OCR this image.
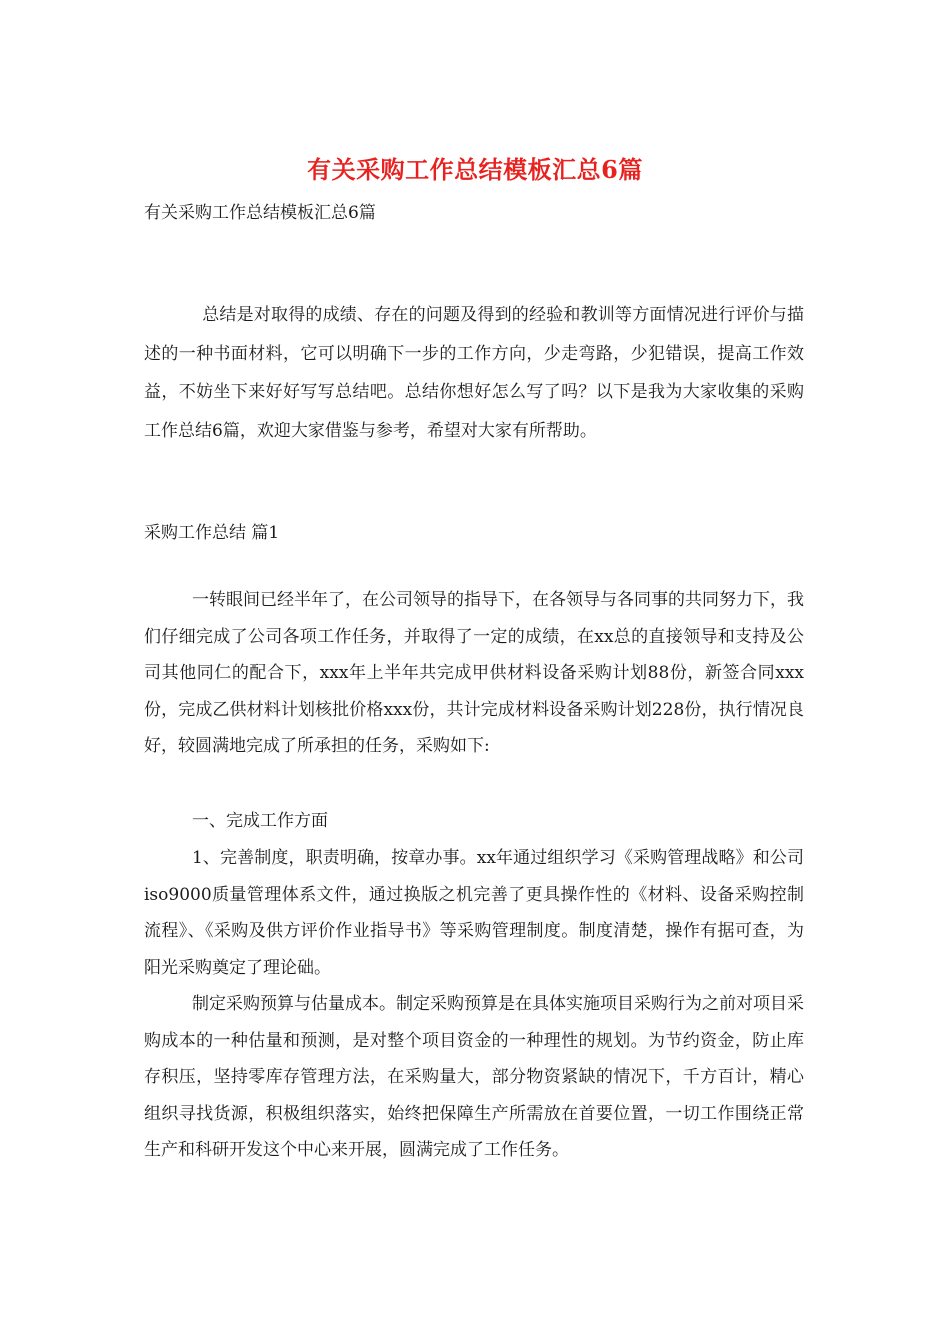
有关采购工作总结模板汇总6篇
有关采购工作总结模板汇总6篇

总结是对取得的成绩、存在的问题及得到的经验和教训等方面情况进行评价与描述的一种书面材料，它可以明确下一步的工作方向，少走弯路，少犯错误，提高工作效益，不妨坐下来好好写写总结吧。总结你想好怎么写了吗？以下是我为大家收集的采购工作总结6篇，欢迎大家借鉴与参考，希望对大家有所帮助。

采购工作总结 篇1

一转眼间已经半年了，在公司领导的指导下，在各领导与各同事的共同努力下，我们仔细完成了公司各项工作任务，并取得了一定的成绩，在xx总的直接领导和支持及公司其他同仁的配合下，xxx年上半年共完成甲供材料设备采购计划88份，新签合同xxx份，完成乙供材料计划核批价格xxx份，共计完成材料设备采购计划228份，执行情况良好，较圆满地完成了所承担的任务，采购如下:

一、完成工作方面

1、完善制度，职责明确，按章办事。xx年通过组织学习《采购管理战略》和公司iso9000质量管理体系文件，通过换版之机完善了更具操作性的《材料、设备采购控制流程》、《采购及供方评价作业指导书》等采购管理制度。制度清楚，操作有据可查，为阳光采购奠定了理论础。

制定采购预算与估量成本。制定采购预算是在具体实施项目采购行为之前对项目采购成本的一种估量和预测，是对整个项目资金的一种理性的规划。为节约资金，防止库存积压，坚持零库存管理方法，在采购量大，部分物资紧缺的情况下，千方百计，精心组织寻找货源，积极组织落实，始终把保障生产所需放在首要位置，一切工作围绕正常生产和科研开发这个中心来开展，圆满完成了工作任务。
